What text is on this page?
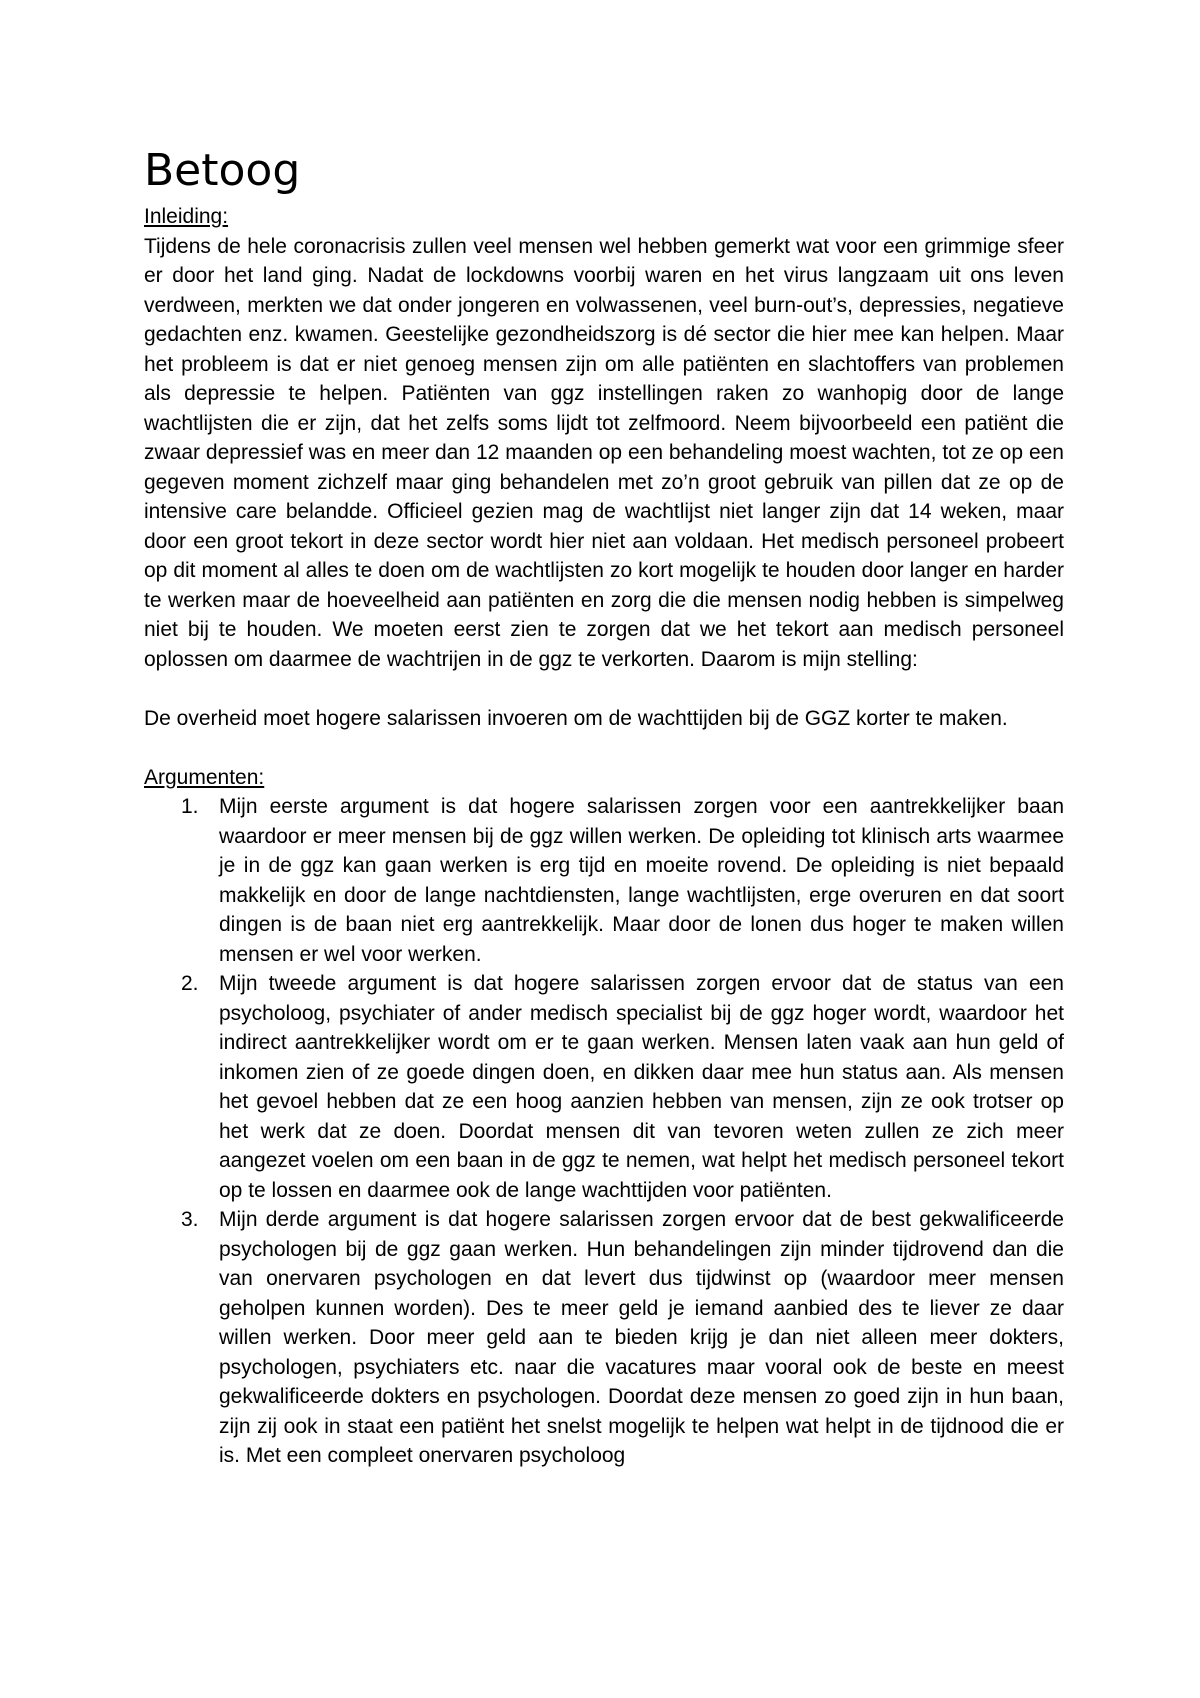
Betoog

Inleiding:

Tijdens de hele coronacrisis zullen veel mensen wel hebben gemerkt wat voor een grimmige sfeer er door het land ging. Nadat de lockdowns voorbij waren en het virus langzaam uit ons leven verdween, merkten we dat onder jongeren en volwassenen, veel burn-out’s, depressies, negatieve gedachten enz. kwamen. Geestelijke gezondheidszorg is dé sector die hier mee kan helpen. Maar het probleem is dat er niet genoeg mensen zijn om alle patiënten en slachtoffers van problemen als depressie te helpen. Patiënten van ggz instellingen raken zo wanhopig door de lange wachtlijsten die er zijn, dat het zelfs soms lijdt tot zelfmoord. Neem bijvoorbeeld een patiënt die zwaar depressief was en meer dan 12 maanden op een behandeling moest wachten, tot ze op een gegeven moment zichzelf maar ging behandelen met zo’n groot gebruik van pillen dat ze op de intensive care belandde. Officieel gezien mag de wachtlijst niet langer zijn dat 14 weken, maar door een groot tekort in deze sector wordt hier niet aan voldaan. Het medisch personeel probeert op dit moment al alles te doen om de wachtlijsten zo kort mogelijk te houden door langer en harder te werken maar de hoeveelheid aan patiënten en zorg die die mensen nodig hebben is simpelweg niet bij te houden. We moeten eerst zien te zorgen dat we het tekort aan medisch personeel oplossen om daarmee de wachtrijen in de ggz te verkorten. Daarom is mijn stelling:

De overheid moet hogere salarissen invoeren om de wachttijden bij de GGZ korter te maken.

Argumenten:

1. Mijn eerste argument is dat hogere salarissen zorgen voor een aantrekkelijker baan waardoor er meer mensen bij de ggz willen werken. De opleiding tot klinisch arts waarmee je in de ggz kan gaan werken is erg tijd en moeite rovend. De opleiding is niet bepaald makkelijk en door de lange nachtdiensten, lange wachtlijsten, erge overuren en dat soort dingen is de baan niet erg aantrekkelijk. Maar door de lonen dus hoger te maken willen mensen er wel voor werken.
2. Mijn tweede argument is dat hogere salarissen zorgen ervoor dat de status van een psycholoog, psychiater of ander medisch specialist bij de ggz hoger wordt, waardoor het indirect aantrekkelijker wordt om er te gaan werken. Mensen laten vaak aan hun geld of inkomen zien of ze goede dingen doen, en dikken daar mee hun status aan. Als mensen het gevoel hebben dat ze een hoog aanzien hebben van mensen, zijn ze ook trotser op het werk dat ze doen. Doordat mensen dit van tevoren weten zullen ze zich meer aangezet voelen om een baan in de ggz te nemen, wat helpt het medisch personeel tekort op te lossen en daarmee ook de lange wachttijden voor patiënten.
3. Mijn derde argument is dat hogere salarissen zorgen ervoor dat de best gekwalificeerde psychologen bij de ggz gaan werken. Hun behandelingen zijn minder tijdrovend dan die van onervaren psychologen en dat levert dus tijdwinst op (waardoor meer mensen geholpen kunnen worden). Des te meer geld je iemand aanbied des te liever ze daar willen werken. Door meer geld aan te bieden krijg je dan niet alleen meer dokters, psychologen, psychiaters etc. naar die vacatures maar vooral ook de beste en meest gekwalificeerde dokters en psychologen. Doordat deze mensen zo goed zijn in hun baan, zijn zij ook in staat een patiënt het snelst mogelijk te helpen wat helpt in de tijdnood die er is. Met een compleet onervaren psycholoog
